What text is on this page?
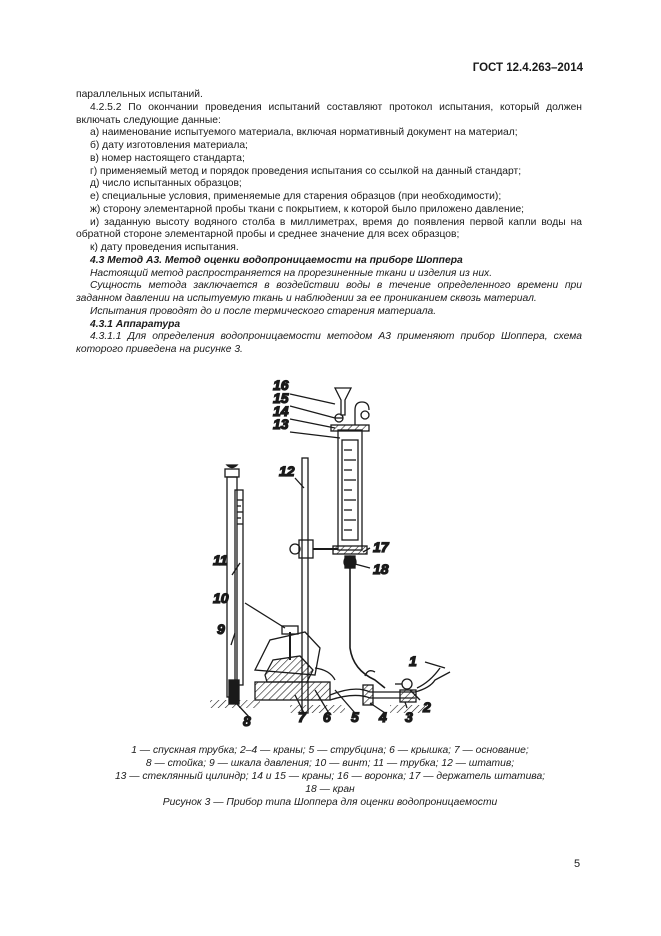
ГОСТ 12.4.263–2014

параллельных испытаний.

4.2.5.2 По окончании проведения испытаний составляют протокол испытания, который должен включать следующие данные:

а) наименование испытуемого материала, включая нормативный документ на материал;

б) дату изготовления материала;

в) номер настоящего стандарта;

г) применяемый метод и порядок проведения испытания со ссылкой на данный стандарт;

д) число испытанных образцов;

е) специальные условия, применяемые для старения образцов (при необходимости);

ж) сторону элементарной пробы ткани с покрытием, к которой было приложено давление;

и) заданную высоту водяного столба в миллиметрах, время до появления первой капли воды на обратной стороне элементарной пробы и среднее значение для всех образцов;

к) дату проведения испытания.

4.3 Метод А3. Метод оценки водопроницаемости на приборе Шоппера

Настоящий метод распространяется на прорезиненные ткани и изделия из них.

Сущность метода заключается в воздействии воды в течение определенного времени при заданном давлении на испытуемую ткань и наблюдении за ее прониканием сквозь материал.

Испытания проводят до и после термического старения материала.

4.3.1 Аппаратура

4.3.1.1 Для определения водопроницаемости методом А3 применяют прибор Шоппера, схема которого приведена на рисунке 3.

16
15
14
13
12
11
10
9
17
18
1
2
3
4
5
6
7
8

1 — спускная трубка; 2–4 — краны; 5 — струбцина; 6 — крышка; 7 — основание;

8 — стойка; 9 — шкала давления; 10 — винт; 11 — трубка; 12 — штатив;

13 — стеклянный цилиндр; 14 и 15 — краны; 16 — воронка; 17 — держатель штатива;

18 — кран

Рисунок 3 — Прибор типа Шоппера для оценки водопроницаемости

5
